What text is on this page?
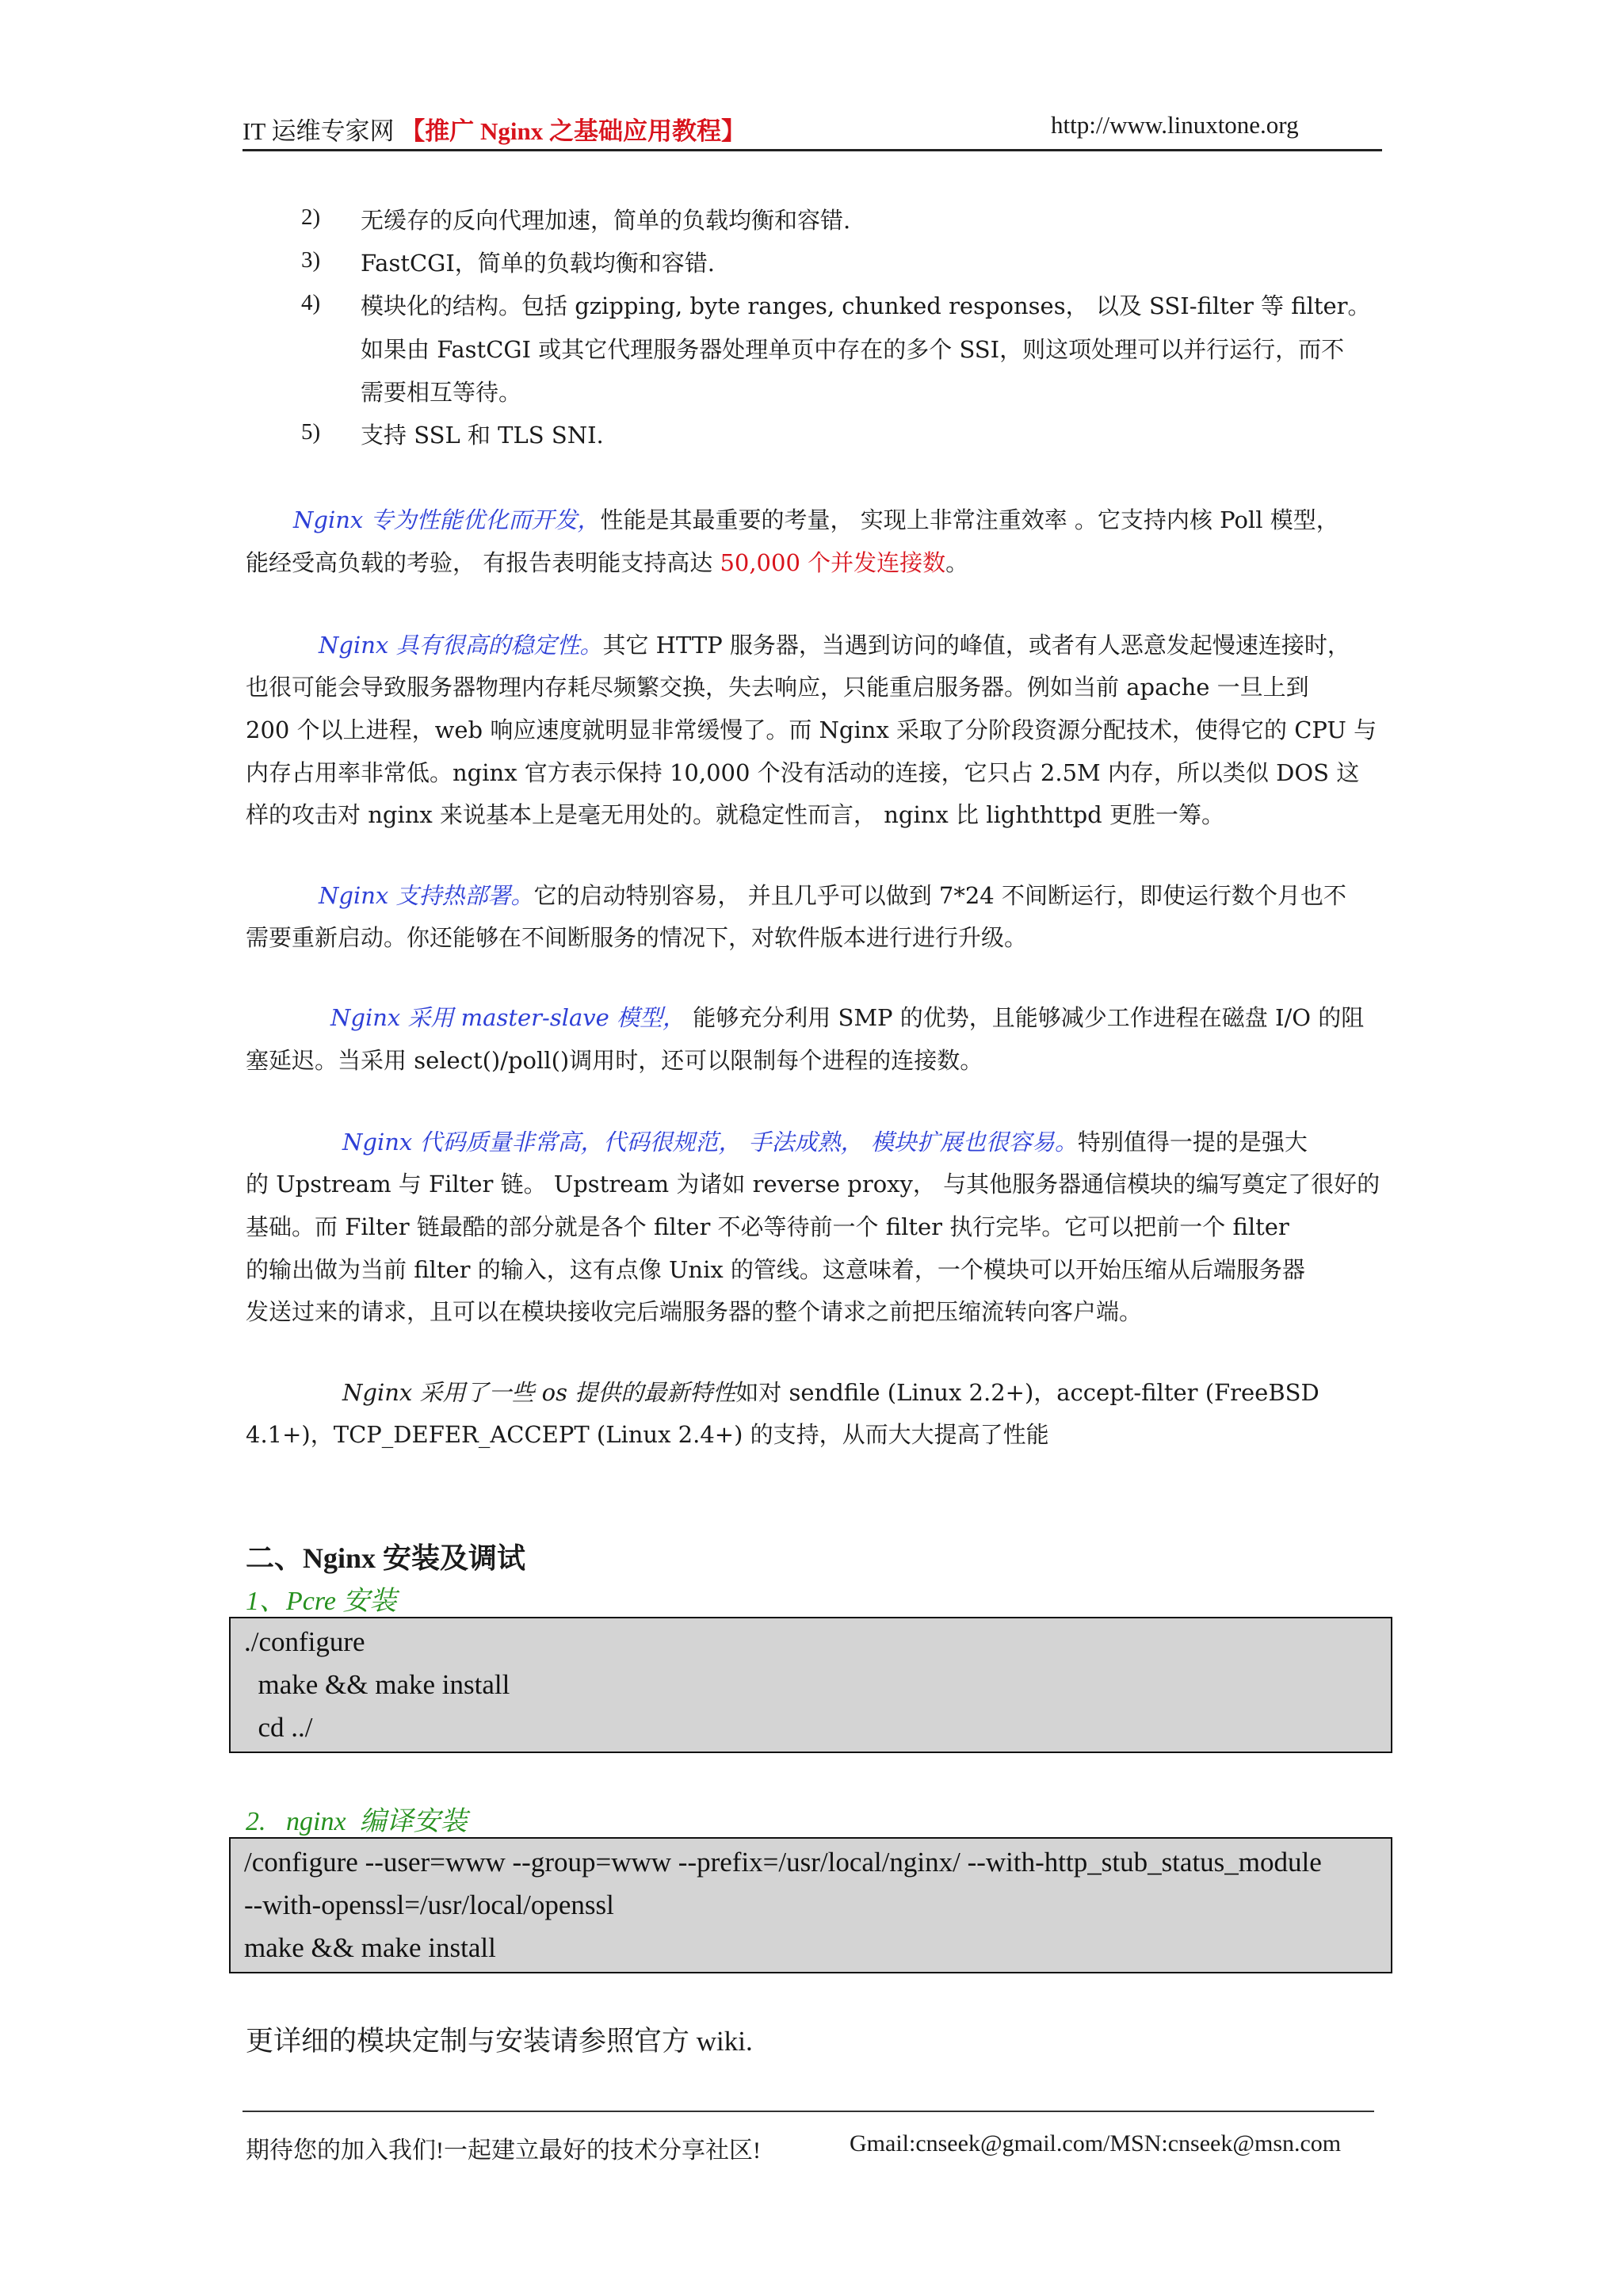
IT 运维专家网 【推广 Nginx 之基础应用教程】	http://www.linuxtone.org
2) 无缓存的反向代理加速，简单的负载均衡和容错.
3) FastCGI，简单的负载均衡和容错.
4) 模块化的结构。包括 gzipping, byte ranges, chunked responses， 以及 SSI-filter 等 filter。
如果由 FastCGI 或其它代理服务器处理单页中存在的多个 SSI，则这项处理可以并行运行，而不
需要相互等待。
5) 支持 SSL 和 TLS SNI.
Nginx 专为性能优化而开发，性能是其最重要的考量， 实现上非常注重效率 。它支持内核 Poll 模型，
能经受高负载的考验， 有报告表明能支持高达 50,000 个并发连接数。
Nginx 具有很高的稳定性。其它 HTTP 服务器，当遇到访问的峰值，或者有人恶意发起慢速连接时，
也很可能会导致服务器物理内存耗尽频繁交换，失去响应，只能重启服务器。例如当前 apache 一旦上到
200 个以上进程，web 响应速度就明显非常缓慢了。而 Nginx 采取了分阶段资源分配技术，使得它的 CPU 与
内存占用率非常低。nginx 官方表示保持 10,000 个没有活动的连接，它只占 2.5M 内存，所以类似 DOS 这
样的攻击对 nginx 来说基本上是毫无用处的。就稳定性而言， nginx 比 lighthttpd 更胜一筹。
Nginx 支持热部署。它的启动特别容易， 并且几乎可以做到 7*24 不间断运行，即使运行数个月也不
需要重新启动。你还能够在不间断服务的情况下，对软件版本进行进行升级。
Nginx 采用 master-slave 模型， 能够充分利用 SMP 的优势，且能够减少工作进程在磁盘 I/O 的阻
塞延迟。当采用 select()/poll()调用时，还可以限制每个进程的连接数。
Nginx 代码质量非常高，代码很规范， 手法成熟， 模块扩展也很容易。特别值得一提的是强大
的 Upstream 与 Filter 链。 Upstream 为诸如 reverse proxy， 与其他服务器通信模块的编写奠定了很好的
基础。而 Filter 链最酷的部分就是各个 filter 不必等待前一个 filter 执行完毕。它可以把前一个 filter
的输出做为当前 filter 的输入，这有点像 Unix 的管线。这意味着，一个模块可以开始压缩从后端服务器
发送过来的请求，且可以在模块接收完后端服务器的整个请求之前把压缩流转向客户端。
Nginx 采用了一些 os 提供的最新特性如对 sendfile (Linux 2.2+)，accept-filter (FreeBSD
4.1+)，TCP_DEFER_ACCEPT (Linux 2.4+) 的支持，从而大大提高了性能
二、Nginx 安装及调试
1、Pcre 安装
./configure
make && make install
cd ../
2.   nginx  编译安装
/configure --user=www --group=www --prefix=/usr/local/nginx/ --with-http_stub_status_module
--with-openssl=/usr/local/openssl
make && make install
更详细的模块定制与安装请参照官方 wiki.
期待您的加入我们!一起建立最好的技术分享社区!	Gmail:cnseek@gmail.com/MSN:cnseek@msn.com
